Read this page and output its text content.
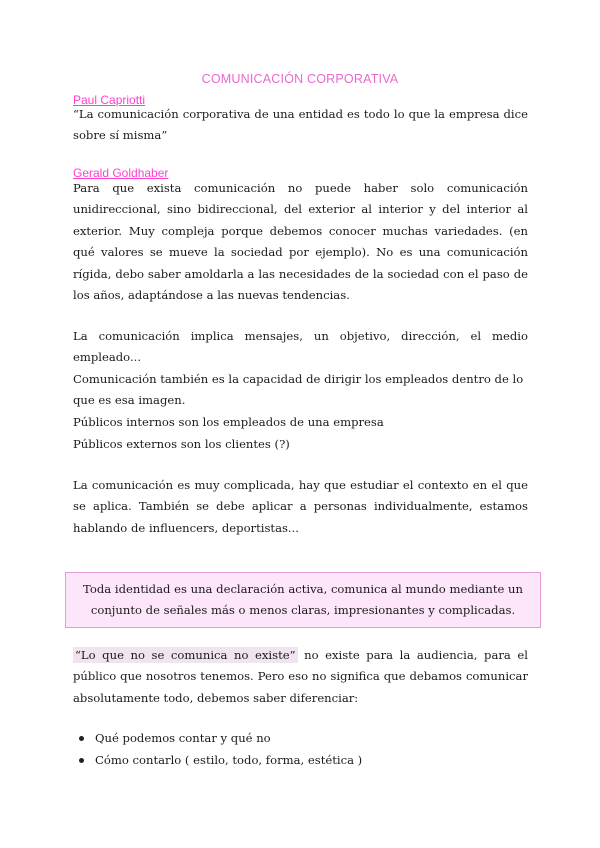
COMUNICACIÓN CORPORATIVA
Paul Capriotti

“La comunicación corporativa de una entidad es todo lo que la empresa dice sobre sí misma”

Gerald Goldhaber

Para que exista comunicación no puede haber solo comunicación unidireccional, sino bidireccional, del exterior al interior y del interior al exterior. Muy compleja porque debemos conocer muchas variedades. (en qué valores se mueve la sociedad por ejemplo). No es una comunicación rígida, debo saber amoldarla a las necesidades de la sociedad con el paso de los años, adaptándose a las nuevas tendencias.

La comunicación implica mensajes, un objetivo, dirección, el medio empleado...

Comunicación también es la capacidad de dirigir los empleados dentro de lo que es esa imagen.

Públicos internos son los empleados de una empresa
Públicos externos son los clientes (?)

La comunicación es muy complicada, hay que estudiar el contexto en el que se aplica. También se debe aplicar a personas individualmente, estamos hablando de influencers, deportistas...

Toda identidad es una declaración activa, comunica al mundo mediante un conjunto de señales más o menos claras, impresionantes y complicadas.

“Lo que no se comunica no existe” no existe para la audiencia, para el público que nosotros tenemos. Pero eso no significa que debamos comunicar absolutamente todo, debemos saber diferenciar:

Qué podemos contar y qué no
Cómo contarlo ( estilo, todo, forma, estética )
